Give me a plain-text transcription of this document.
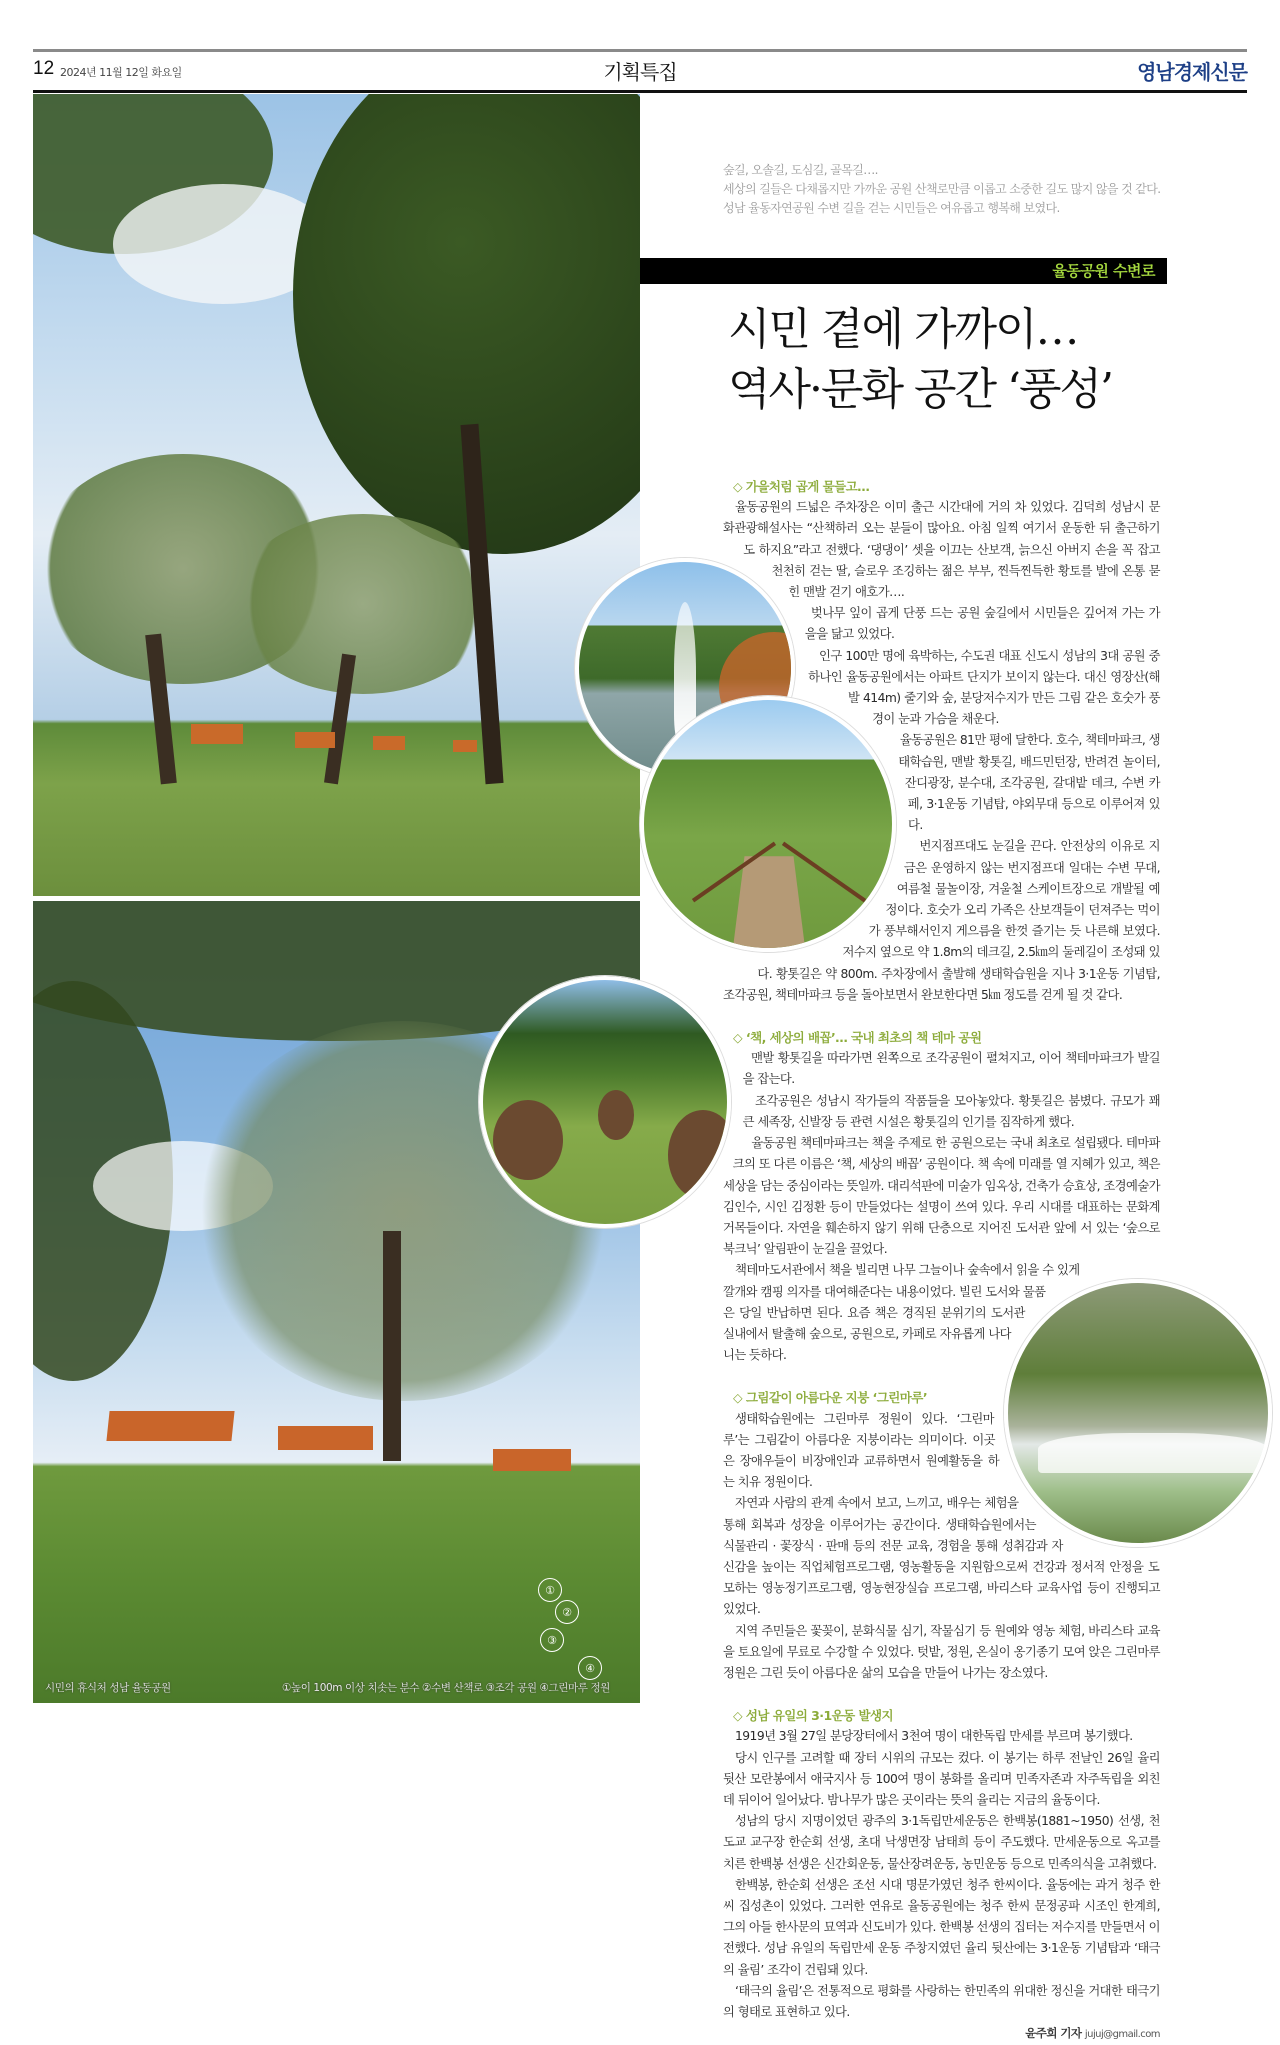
12 2024년 11월 12일 화요일	기획특집	영남경제신문
시민의 휴식처 성남 율동공원	①높이 100m 이상 치솟는 분수 ②수변 산책로 ③조각 공원 ④그린마루 정원
①
②
③
④
숲길, 오솔길, 도심길, 골목길….
세상의 길들은 다채롭지만 가까운 공원 산책로만큼 이롭고 소중한 길도 많지 않을 것 같다.
성남 율동자연공원 수변 길을 걷는 시민들은 여유롭고 행복해 보였다.
율동공원 수변로
시민 곁에 가까이…
역사·문화 공간 ‘풍성’
◇ 가을처럼 곱게 물들고…

율동공원의 드넓은 주차장은 이미 출근 시간대에 거의 차 있었다. 김덕희 성남시 문화관광해설사는 “산책하러 오는 분들이 많아요. 아침 일찍 여기서 운동한 뒤 출근하기도 하지요”라고 전했다. ‘댕댕이’ 셋을 이끄는 산보객, 늙으신 아버지 손을 꼭 잡고 천천히 걷는 딸, 슬로우 조깅하는 젊은 부부, 찐득찐득한 황토를 발에 온통 묻힌 맨발 걷기 애호가….

벚나무 잎이 곱게 단풍 드는 공원 숲길에서 시민들은 깊어져 가는 가을을 닮고 있었다.

인구 100만 명에 육박하는, 수도권 대표 신도시 성남의 3대 공원 중 하나인 율동공원에서는 아파트 단지가 보이지 않는다. 대신 영장산(해발 414m) 줄기와 숲, 분당저수지가 만든 그림 같은 호숫가 풍경이 눈과 가슴을 채운다.

율동공원은 81만 평에 달한다. 호수, 책테마파크, 생태학습원, 맨발 황톳길, 배드민턴장, 반려견 놀이터, 잔디광장, 분수대, 조각공원, 갈대밭 데크, 수변 카페, 3·1운동 기념탑, 야외무대 등으로 이루어져 있다.

번지점프대도 눈길을 끈다. 안전상의 이유로 지금은 운영하지 않는 번지점프대 일대는 수변 무대, 여름철 물놀이장, 겨울철 스케이트장으로 개발될 예정이다. 호숫가 오리 가족은 산보객들이 던져주는 먹이가 풍부해서인지 게으름을 한껏 즐기는 듯 나른해 보였다. 저수지 옆으로 약 1.8m의 데크길, 2.5㎞의 둘레길이 조성돼 있다. 황톳길은 약 800m. 주차장에서 출발해 생태학습원을 지나 3·1운동 기념탑, 조각공원, 책테마파크 등을 돌아보면서 완보한다면 5㎞ 정도를 걷게 될 것 같다.

◇ ‘책, 세상의 배꼽’… 국내 최초의 책 테마 공원

맨발 황톳길을 따라가면 왼쪽으로 조각공원이 펼쳐지고, 이어 책테마파크가 발길을 잡는다.

조각공원은 성남시 작가들의 작품들을 모아놓았다. 황톳길은 붐볐다. 규모가 꽤 큰 세족장, 신발장 등 관련 시설은 황톳길의 인기를 짐작하게 했다.

율동공원 책테마파크는 책을 주제로 한 공원으로는 국내 최초로 설립됐다. 테마파크의 또 다른 이름은 ‘책, 세상의 배꼽’ 공원이다. 책 속에 미래를 열 지혜가 있고, 책은 세상을 담는 중심이라는 뜻일까. 대리석판에 미술가 임옥상, 건축가 승효상, 조경예술가 김인수, 시인 김정환 등이 만들었다는 설명이 쓰여 있다. 우리 시대를 대표하는 문화계 거목들이다. 자연을 훼손하지 않기 위해 단층으로 지어진 도서관 앞에 서 있는 ‘숲으로 북크닉’ 알림판이 눈길을 끌었다.

책테마도서관에서 책을 빌리면 나무 그늘이나 숲속에서 읽을 수 있게 깔개와 캠핑 의자를 대여해준다는 내용이었다. 빌린 도서와 물품은 당일 반납하면 된다. 요즘 책은 경직된 분위기의 도서관 실내에서 탈출해 숲으로, 공원으로, 카페로 자유롭게 나다니는 듯하다.

◇ 그림같이 아름다운 지붕 ‘그린마루’

생태학습원에는 그린마루 정원이 있다. ‘그린마루’는 그림같이 아름다운 지붕이라는 의미이다. 이곳은 장애우들이 비장애인과 교류하면서 원예활동을 하는 치유 정원이다.

자연과 사람의 관계 속에서 보고, 느끼고, 배우는 체험을 통해 회복과 성장을 이루어가는 공간이다. 생태학습원에서는 식물관리 · 꽃장식 · 판매 등의 전문 교육, 경험을 통해 성취감과 자신감을 높이는 직업체험프로그램, 영농활동을 지원함으로써 건강과 정서적 안정을 도모하는 영농정기프로그램, 영농현장실습 프로그램, 바리스타 교육사업 등이 진행되고 있었다.

지역 주민들은 꽃꽂이, 분화식물 심기, 작물심기 등 원예와 영농 체험, 바리스타 교육을 토요일에 무료로 수강할 수 있었다. 텃밭, 정원, 온실이 옹기종기 모여 앉은 그린마루 정원은 그린 듯이 아름다운 삶의 모습을 만들어 나가는 장소였다.

◇ 성남 유일의 3·1운동 발생지

1919년 3월 27일 분당장터에서 3천여 명이 대한독립 만세를 부르며 봉기했다.

당시 인구를 고려할 때 장터 시위의 규모는 컸다. 이 봉기는 하루 전날인 26일 율리 뒷산 모란봉에서 애국지사 등 100여 명이 봉화를 올리며 민족자존과 자주독립을 외친 데 뒤이어 일어났다. 밤나무가 많은 곳이라는 뜻의 율리는 지금의 율동이다.

성남의 당시 지명이었던 광주의 3·1독립만세운동은 한백봉(1881~1950) 선생, 천도교 교구장 한순회 선생, 초대 낙생면장 남태희 등이 주도했다. 만세운동으로 옥고를 치른 한백봉 선생은 신간회운동, 물산장려운동, 농민운동 등으로 민족의식을 고취했다.

한백봉, 한순회 선생은 조선 시대 명문가였던 청주 한씨이다. 율동에는 과거 청주 한씨 집성촌이 있었다. 그러한 연유로 율동공원에는 청주 한씨 문정공파 시조인 한계희, 그의 아들 한사문의 묘역과 신도비가 있다. 한백봉 선생의 집터는 저수지를 만들면서 이전했다. 성남 유일의 독립만세 운동 주창지였던 율리 뒷산에는 3·1운동 기념탑과 ‘태극의 율림’ 조각이 건립돼 있다.

‘태극의 율림’은 전통적으로 평화를 사랑하는 한민족의 위대한 정신을 거대한 태극기의 형태로 표현하고 있다.

윤주희 기자 jujuj@gmail.com
